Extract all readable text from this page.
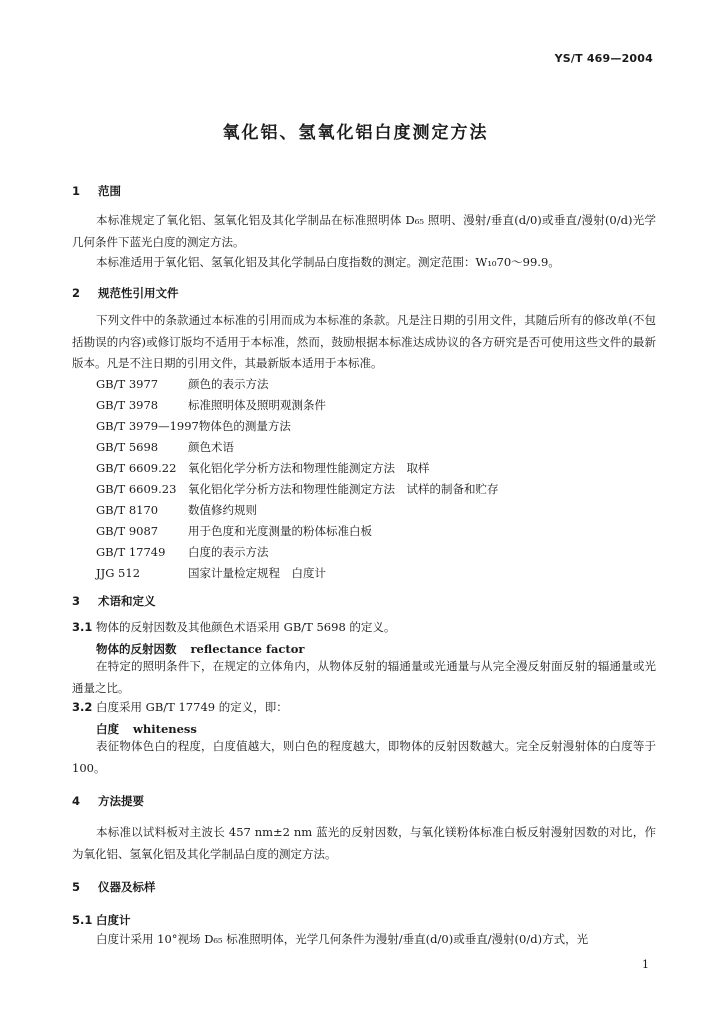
YS/T 469—2004
氧化铝、氢氧化铝白度测定方法
1 范围
本标准规定了氧化铝、氢氧化铝及其化学制品在标准照明体 D₆₅ 照明、漫射/垂直(d/0)或垂直/漫射(0/d)光学几何条件下蓝光白度的测定方法。
本标准适用于氧化铝、氢氧化铝及其化学制品白度指数的测定。测定范围：W₁₀70～99.9。
2 规范性引用文件
下列文件中的条款通过本标准的引用而成为本标准的条款。凡是注日期的引用文件，其随后所有的修改单(不包括勘误的内容)或修订版均不适用于本标准，然而，鼓励根据本标准达成协议的各方研究是否可使用这些文件的最新版本。凡是不注日期的引用文件，其最新版本适用于本标准。
GB/T 3977	颜色的表示方法
GB/T 3978	标准照明体及照明观测条件
GB/T 3979—1997物体色的测量方法
GB/T 5698	颜色术语
GB/T 6609.22 氧化铝化学分析方法和物理性能测定方法　取样
GB/T 6609.23 氧化铝化学分析方法和物理性能测定方法　试样的制备和贮存
GB/T 8170	数值修约规则
GB/T 9087	用于色度和光度测量的粉体标准白板
GB/T 17749 白度的表示方法
JJG 512	国家计量检定规程　白度计
3 术语和定义
3.1 物体的反射因数及其他颜色术语采用 GB/T 5698 的定义。
物体的反射因数 reflectance factor
在特定的照明条件下，在规定的立体角内，从物体反射的辐通量或光通量与从完全漫反射面反射的辐通量或光通量之比。
3.2 白度采用 GB/T 17749 的定义，即：
白度 whiteness
表征物体色白的程度，白度值越大，则白色的程度越大，即物体的反射因数越大。完全反射漫射体的白度等于 100。
4 方法提要
本标准以试料板对主波长 457 nm±2 nm 蓝光的反射因数，与氧化镁粉体标准白板反射漫射因数的对比，作为氧化铝、氢氧化铝及其化学制品白度的测定方法。
5 仪器及标样
5.1 白度计
白度计采用 10°视场 D₆₅ 标准照明体，光学几何条件为漫射/垂直(d/0)或垂直/漫射(0/d)方式，光
1
